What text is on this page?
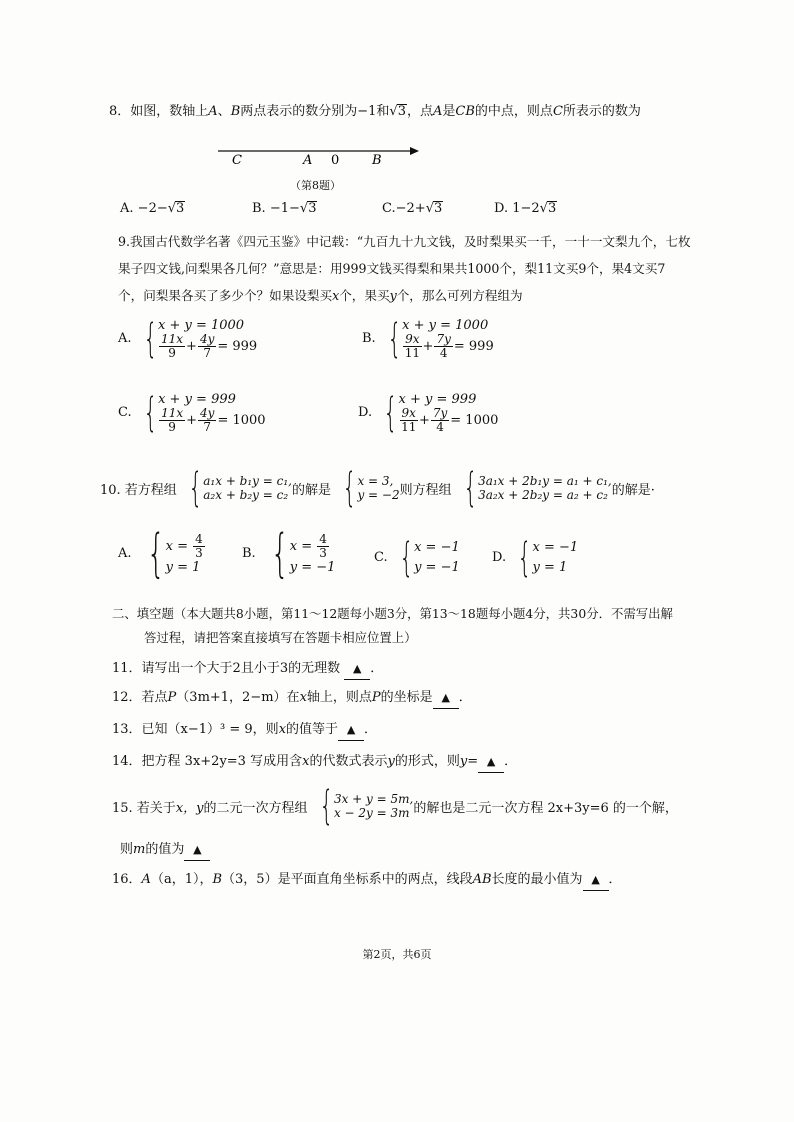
8．如图，数轴上A、B两点表示的数分别为−1和√3，点A是CB的中点，则点C所表示的数为
C	A 0	B
（第8题）
A. −2−√3	B. −1−√3	C.−2+√3	D. 1−2√3
9.我国古代数学名著《四元玉鉴》中记载：“九百九十九文钱，及时梨果买一千，一十一文梨九个，七枚
果子四文钱,问梨果各几何？”意思是：用999文钱买得梨和果共1000个，梨11文买9个，果4文买7
个，问梨果各买了多少个？如果设梨买x个，果买y个，那么可列方程组为
A. { x + y = 1000
$\frac{11x}{9} + \frac{4y}{7} = 999$
B. { x + y = 1000
$\frac{9x}{11} + \frac{7y}{4} = 999$
C. { x + y = 999
$\frac{11x}{9} + \frac{4y}{7} = 1000$
D. { x + y = 999
$\frac{9x}{11} + \frac{7y}{4} = 1000$
10. 若方程组 { a₁x + b₁y = c₁,
a₂x + b₂y = c₂ 的解是 { x = 3,
y = −2 则方程组 { 3a₁x + 2b₁y = a₁ + c₁,
3a₂x + 2b₂y = a₂ + c₂ 的解是·
A. { x =
$\frac{4}{3}$
y = 1
B. { x =
$\frac{4}{3}$
y = −1
C. { x = −1
y = −1
D. { x = −1
y = 1
二、填空题（本大题共8小题，第11～12题每小题3分，第13～18题每小题4分，共30分．不需写出解
答过程，请把答案直接填写在答题卡相应位置上）
11．请写出一个大于2且小于3的无理数 ▲ ．
12．若点P（3m+1，2−m）在x轴上，则点P的坐标是 ▲ ．
13．已知（x−1）³ = 9，则x的值等于 ▲ ．
14．把方程 3x+2y=3 写成用含x的代数式表示y的形式，则y= ▲ ．
15. 若关于 x，y 的二元一次方程组 { 3x + y = 5m,
x − 2y = 3m 的解也是二元一次方程 2x+3y=6 的一个解，
则m的值为 ▲
16．A（a，1），B（3，5）是平面直角坐标系中的两点，线段AB长度的最小值为 ▲ ．
第2页，共6页
